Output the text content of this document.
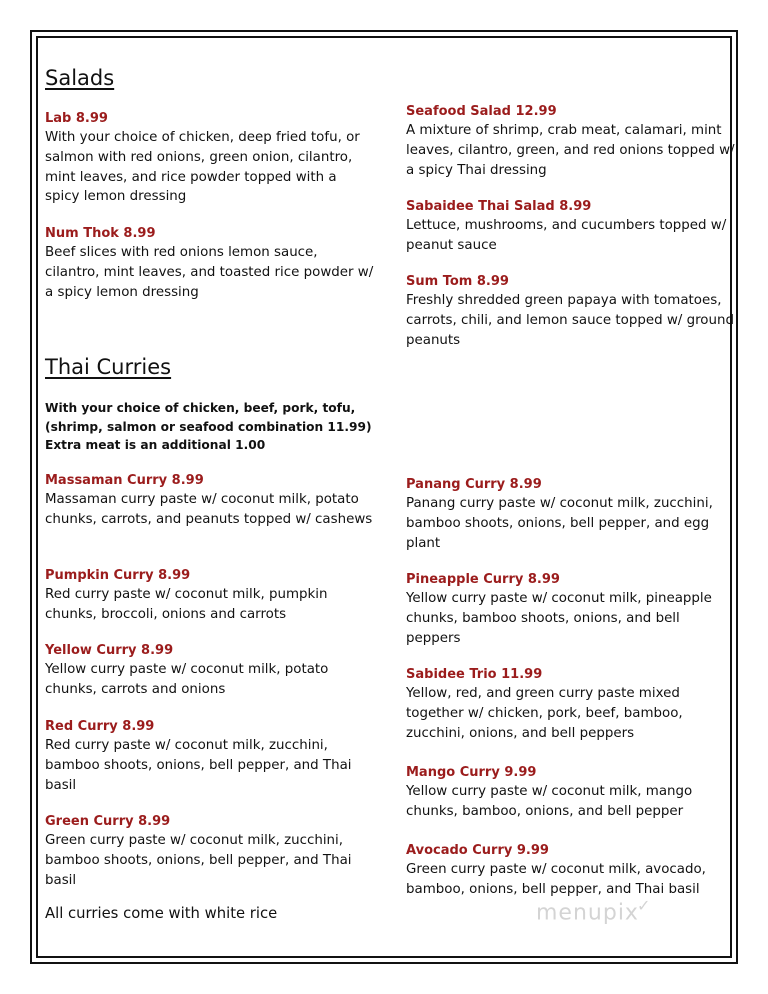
Salads

Lab 8.99

With your choice of chicken, deep fried tofu, or salmon with red onions, green onion, cilantro, mint leaves, and rice powder topped with a spicy lemon dressing

Num Thok 8.99

Beef slices with red onions lemon sauce, cilantro, mint leaves, and toasted rice powder w/ a spicy lemon dressing

Seafood Salad 12.99

A mixture of shrimp, crab meat, calamari, mint leaves, cilantro, green, and red onions topped w/ a spicy Thai dressing

Sabaidee Thai Salad 8.99

Lettuce, mushrooms, and cucumbers topped w/ peanut sauce

Sum Tom 8.99

Freshly shredded green papaya with tomatoes, carrots, chili, and lemon sauce topped w/ ground peanuts

Thai Curries

With your choice of chicken, beef, pork, tofu, (shrimp, salmon or seafood combination 11.99) Extra meat is an additional 1.00

Massaman Curry 8.99

Massaman curry paste w/ coconut milk, potato chunks, carrots, and peanuts topped w/ cashews

Pumpkin Curry 8.99

Red curry paste w/ coconut milk, pumpkin chunks, broccoli, onions and carrots

Yellow Curry 8.99

Yellow curry paste w/ coconut milk, potato chunks, carrots and onions

Red Curry 8.99

Red curry paste w/ coconut milk, zucchini, bamboo shoots, onions, bell pepper, and Thai basil

Green Curry 8.99

Green curry paste w/ coconut milk, zucchini, bamboo shoots, onions, bell pepper, and Thai basil

Panang Curry 8.99

Panang curry paste w/ coconut milk, zucchini, bamboo shoots, onions, bell pepper, and egg plant

Pineapple Curry 8.99

Yellow curry paste w/ coconut milk, pineapple chunks, bamboo shoots, onions, and bell peppers

Sabidee Trio 11.99

Yellow, red, and green curry paste mixed together w/ chicken, pork, beef, bamboo, zucchini, onions, and bell peppers

Mango Curry 9.99

Yellow curry paste w/ coconut milk, mango chunks, bamboo, onions, and bell pepper

Avocado Curry 9.99

Green curry paste w/ coconut milk, avocado, bamboo, onions, bell pepper, and Thai basil

All curries come with white rice	menupix✓
